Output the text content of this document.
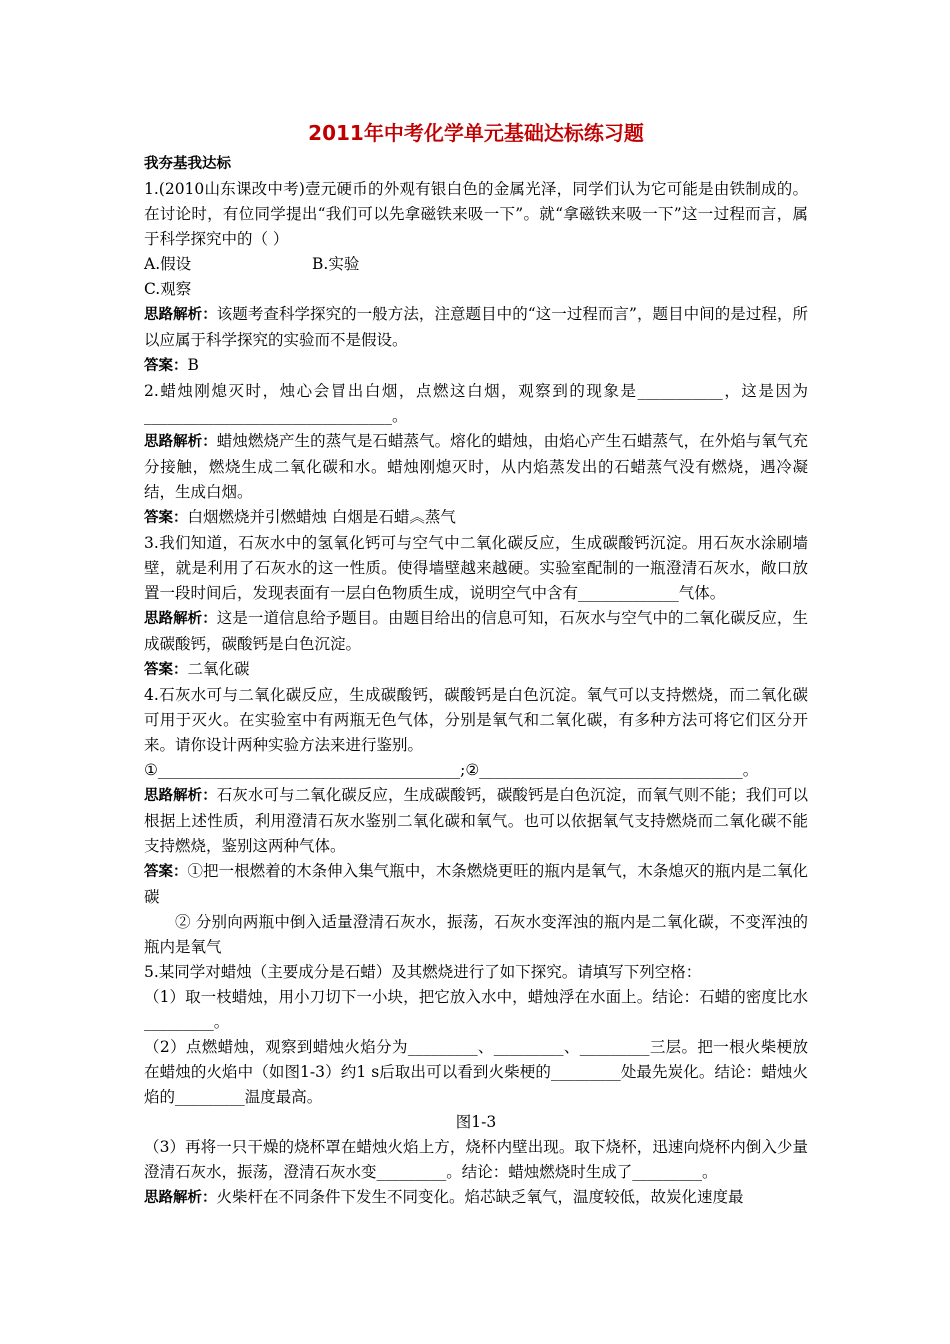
2011年中考化学单元基础达标练习题
我夯基我达标

1.(2010山东课改中考)壹元硬币的外观有银白色的金属光泽，同学们认为它可能是由铁制成的。在讨论时，有位同学提出“我们可以先拿磁铁来吸一下”。就“拿磁铁来吸一下”这一过程而言，属于科学探究中的（ ）

A.假设	B.实验

C.观察

思路解析：该题考查科学探究的一般方法，注意题目中的“这一过程而言”，题目中间的是过程，所以应属于科学探究的实验而不是假设。

答案：B

2.蜡烛刚熄灭时，烛心会冒出白烟，点燃这白烟，观察到的现象是___________，这是因为________________________________。

思路解析：蜡烛燃烧产生的蒸气是石蜡蒸气。熔化的蜡烛，由焰心产生石蜡蒸气，在外焰与氧气充分接触，燃烧生成二氧化碳和水。蜡烛刚熄灭时，从内焰蒸发出的石蜡蒸气没有燃烧，遇冷凝结，生成白烟。

答案：白烟燃烧并引燃蜡烛 白烟是石蜡︽蒸气

3.我们知道，石灰水中的氢氧化钙可与空气中二氧化碳反应，生成碳酸钙沉淀。用石灰水涂刷墙壁，就是利用了石灰水的这一性质。使得墙壁越来越硬。实验室配制的一瓶澄清石灰水，敞口放置一段时间后，发现表面有一层白色物质生成，说明空气中含有_____________气体。

思路解析：这是一道信息给予题目。由题目给出的信息可知，石灰水与空气中的二氧化碳反应，生成碳酸钙，碳酸钙是白色沉淀。

答案：二氧化碳

4.石灰水可与二氧化碳反应，生成碳酸钙，碳酸钙是白色沉淀。氧气可以支持燃烧，而二氧化碳可用于灭火。在实验室中有两瓶无色气体，分别是氧气和二氧化碳，有多种方法可将它们区分开来。请你设计两种实验方法来进行鉴别。

①_______________________________________;②__________________________________。

思路解析：石灰水可与二氧化碳反应，生成碳酸钙，碳酸钙是白色沉淀，而氧气则不能；我们可以根据上述性质，利用澄清石灰水鉴别二氧化碳和氧气。也可以依据氧气支持燃烧而二氧化碳不能支持燃烧，鉴别这两种气体。

答案：①把一根燃着的木条伸入集气瓶中，木条燃烧更旺的瓶内是氧气，木条熄灭的瓶内是二氧化碳

② 分别向两瓶中倒入适量澄清石灰水，振荡，石灰水变浑浊的瓶内是二氧化碳，不变浑浊的瓶内是氧气

5.某同学对蜡烛（主要成分是石蜡）及其燃烧进行了如下探究。请填写下列空格：

（1）取一枝蜡烛，用小刀切下一小块，把它放入水中，蜡烛浮在水面上。结论：石蜡的密度比水_________。

（2）点燃蜡烛，观察到蜡烛火焰分为_________、_________、_________三层。把一根火柴梗放在蜡烛的火焰中（如图1-3）约1 s后取出可以看到火柴梗的_________处最先炭化。结论：蜡烛火焰的_________温度最高。

图1-3

（3）再将一只干燥的烧杯罩在蜡烛火焰上方，烧杯内壁出现。取下烧杯，迅速向烧杯内倒入少量澄清石灰水，振荡，澄清石灰水变_________。结论：蜡烛燃烧时生成了_________。

思路解析：火柴杆在不同条件下发生不同变化。焰芯缺乏氧气，温度较低，故炭化速度最
